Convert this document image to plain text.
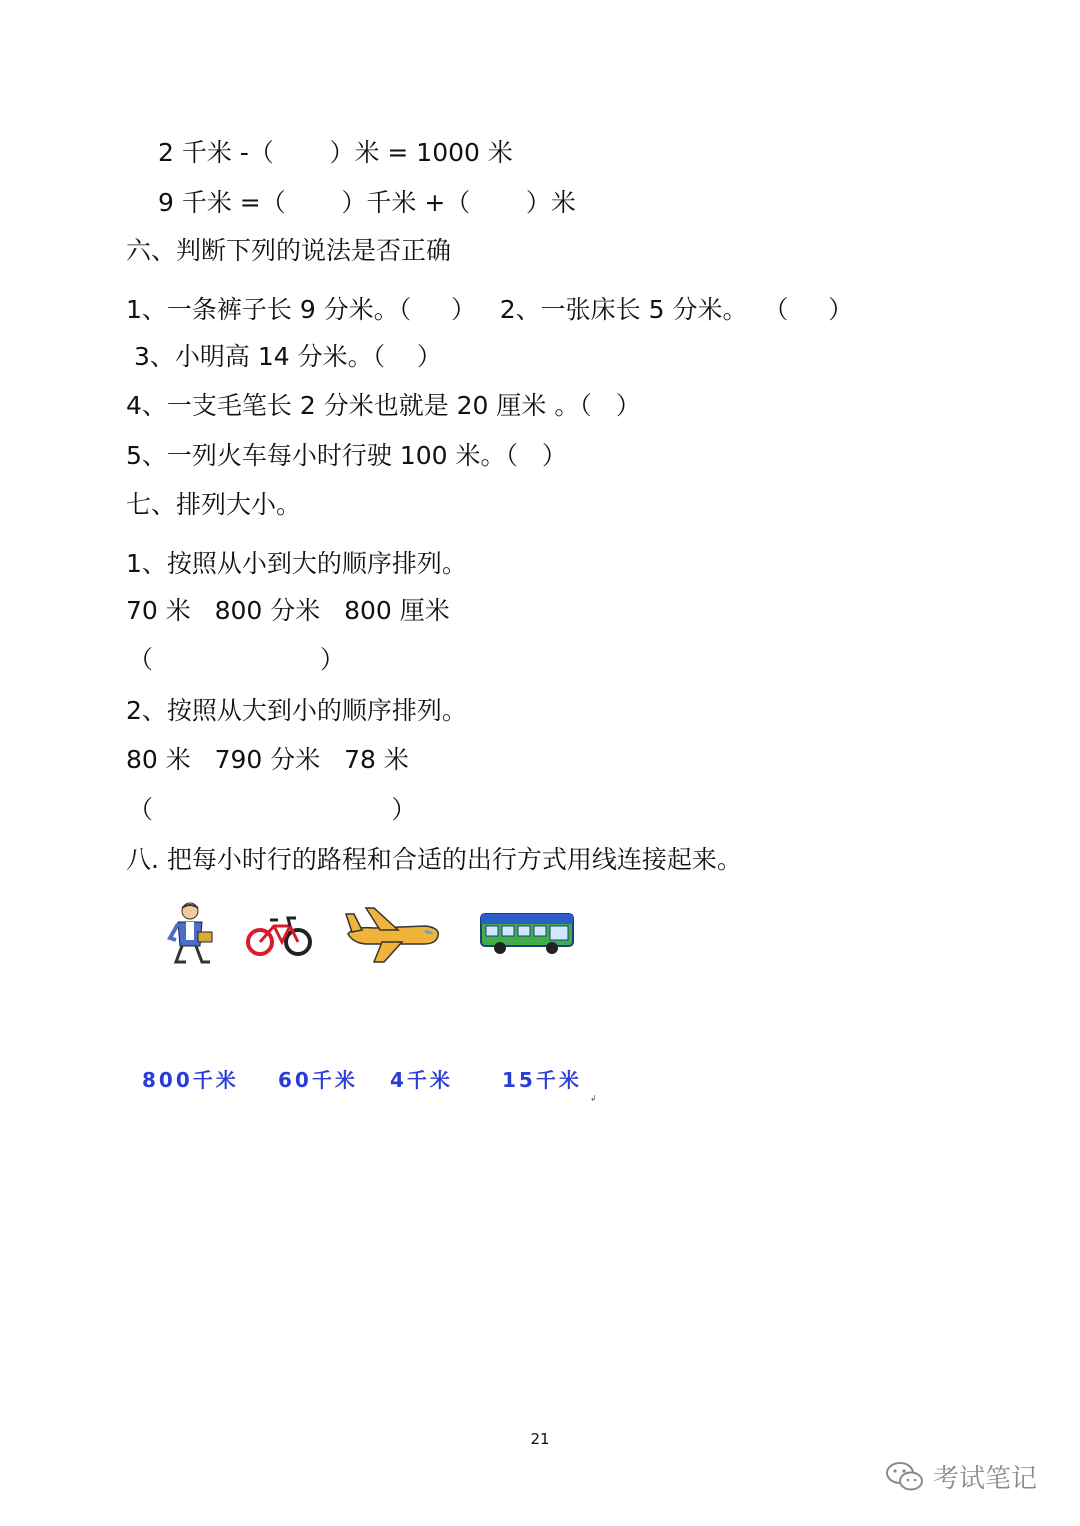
2 千米 -（       ）米 = 1000 米
9 千米 =（       ）千米 +（       ）米
六、判断下列的说法是否正确
1、一条裤子长 9 分米。（     ）   2、一张床长 5 分米。  （     ）
3、小明高 14 分米。（    ）
4、一支毛笔长 2 分米也就是 20 厘米 。（   ）
5、一列火车每小时行驶 100 米。（   ）
七、排列大小。
1、按照从小到大的顺序排列。
70 米   800 分米   800 厘米
（                     ）
2、按照从大到小的顺序排列。
80 米   790 分米   78 米
（                              ）
八. 把每小时行的路程和合适的出行方式用线连接起来。
800千米 60千米 4千米 15千米
↲
21
考试笔记
